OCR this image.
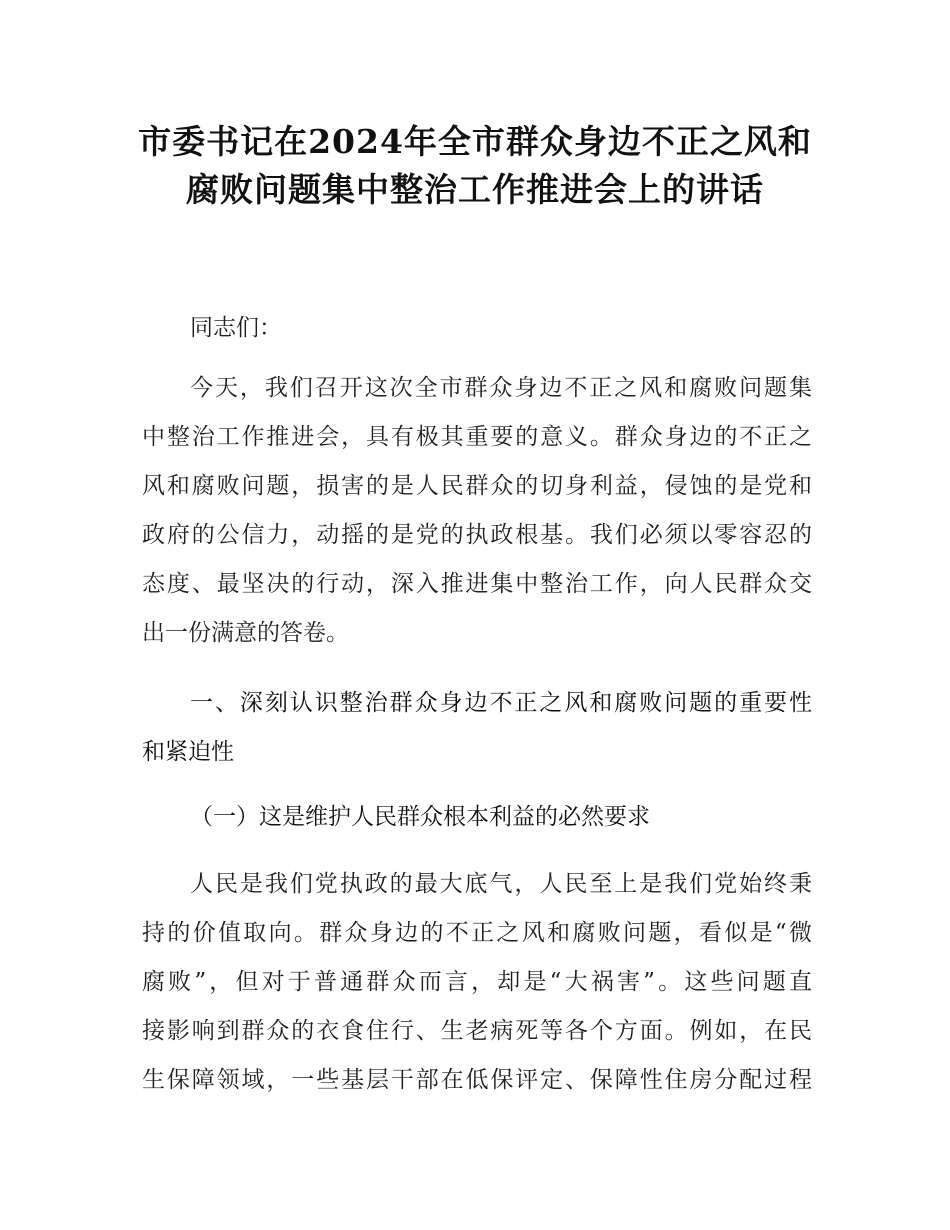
市委书记在2024年全市群众身边不正之风和
腐败问题集中整治工作推进会上的讲话
同志们：
今天，我们召开这次全市群众身边不正之风和腐败问题集
中整治工作推进会，具有极其重要的意义。群众身边的不正之
风和腐败问题，损害的是人民群众的切身利益，侵蚀的是党和
政府的公信力，动摇的是党的执政根基。我们必须以零容忍的
态度、最坚决的行动，深入推进集中整治工作，向人民群众交
出一份满意的答卷。
一、深刻认识整治群众身边不正之风和腐败问题的重要性
和紧迫性
（一）这是维护人民群众根本利益的必然要求
人民是我们党执政的最大底气，人民至上是我们党始终秉
持的价值取向。群众身边的不正之风和腐败问题，看似是“微
腐败”，但对于普通群众而言，却是“大祸害”。这些问题直
接影响到群众的衣食住行、生老病死等各个方面。例如，在民
生保障领域，一些基层干部在低保评定、保障性住房分配过程
